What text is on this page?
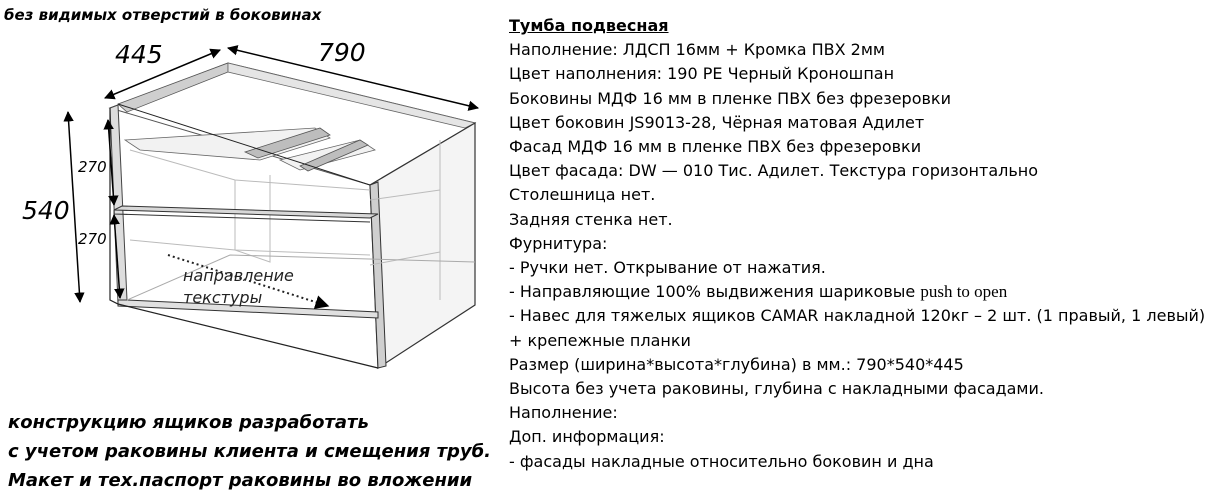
без видимых отверстий в боковинах
445	790
540
270
270
направление
текстуры
конструкцию ящиков разработать
с учетом раковины клиента и смещения труб.
Макет и тех.паспорт раковины во вложении
Тумба подвесная
Наполнение: ЛДСП 16мм + Кромка ПВХ 2мм
Цвет наполнения: 190 PE Черный Кроношпан
Боковины МДФ 16 мм в пленке ПВХ без фрезеровки
Цвет боковин JS9013-28, Чёрная матовая Адилет
Фасад МДФ 16 мм в пленке ПВХ без фрезеровки
Цвет фасада: DW — 010 Тис. Адилет. Текстура горизонтально
Столешница нет.
Задняя стенка нет.
Фурнитура:
- Ручки нет. Открывание от нажатия.
- Направляющие 100% выдвижения шариковые push to open
- Навес для тяжелых ящиков CAMAR накладной 120кг – 2 шт. (1 правый, 1 левый)
+ крепежные планки
Размер (ширина*высота*глубина) в мм.: 790*540*445
Высота без учета раковины, глубина с накладными фасадами.
Наполнение:
Доп. информация:
- фасады накладные относительно боковин и дна
